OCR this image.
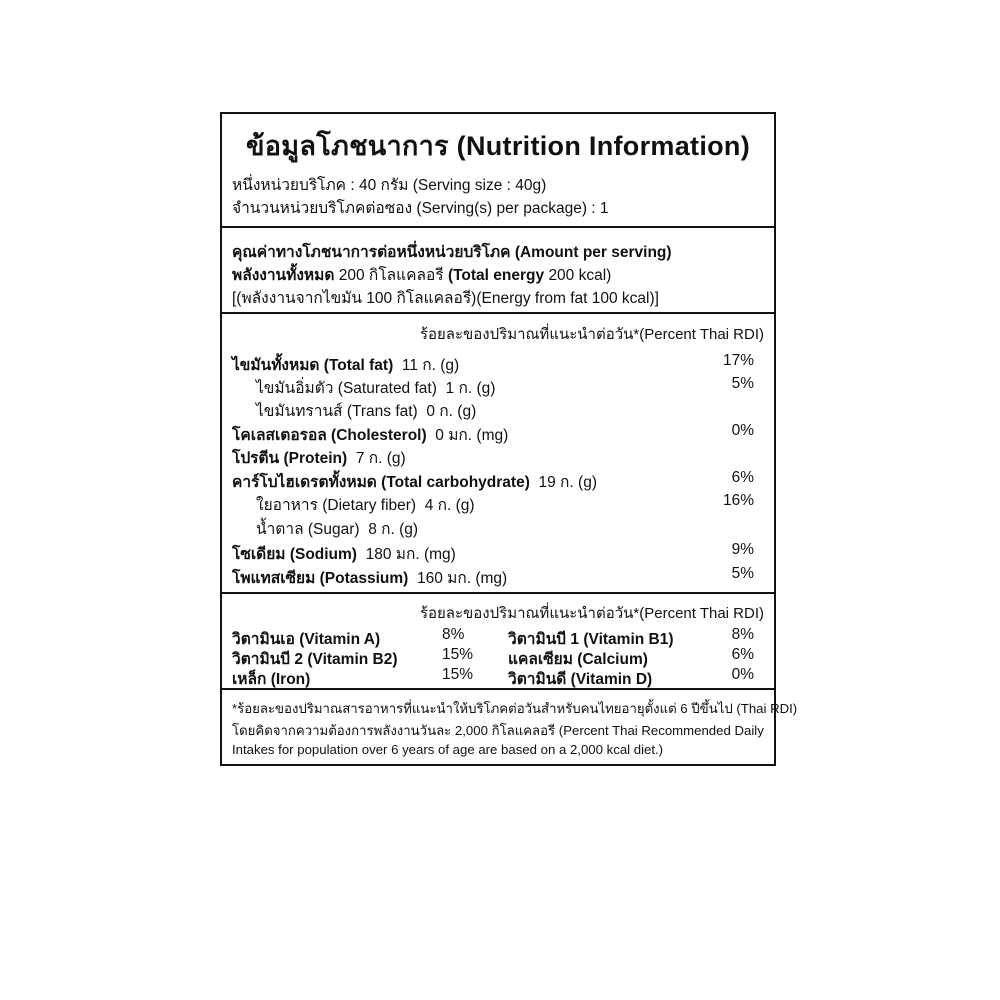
ข้อมูลโภชนาการ (Nutrition Information)
หนึ่งหน่วยบริโภค : 40 กรัม (Serving size : 40g)
จำนวนหน่วยบริโภคต่อซอง (Serving(s) per package) : 1
คุณค่าทางโภชนาการต่อหนึ่งหน่วยบริโภค (Amount per serving)
พลังงานทั้งหมด 200 กิโลแคลอรี (Total energy 200 kcal)
[(พลังงานจากไขมัน 100 กิโลแคลอรี)(Energy from fat 100 kcal)]
ร้อยละของปริมาณที่แนะนำต่อวัน*(Percent Thai RDI)
ไขมันทั้งหมด (Total fat) 11 ก. (g)	17%
ไขมันอิ่มตัว (Saturated fat) 1 ก. (g)	5%
ไขมันทรานส์ (Trans fat) 0 ก. (g)
โคเลสเตอรอล (Cholesterol) 0 มก. (mg)	0%
โปรตีน (Protein) 7 ก. (g)
คาร์โบไฮเดรตทั้งหมด (Total carbohydrate) 19 ก. (g)	6%
ใยอาหาร (Dietary fiber) 4 ก. (g)	16%
น้ำตาล (Sugar) 8 ก. (g)
โซเดียม (Sodium) 180 มก. (mg)	9%
โพแทสเซียม (Potassium) 160 มก. (mg)	5%
ร้อยละของปริมาณที่แนะนำต่อวัน*(Percent Thai RDI)
วิตามินเอ (Vitamin A)	8%	วิตามินบี 1 (Vitamin B1)	8%
วิตามินบี 2 (Vitamin B2)	15% แคลเซียม (Calcium)	6%
เหล็ก (Iron)	15% วิตามินดี (Vitamin D)	0%
*ร้อยละของปริมาณสารอาหารที่แนะนำให้บริโภคต่อวันสำหรับคนไทยอายุตั้งแต่ 6 ปีขึ้นไป (Thai RDI)
โดยคิดจากความต้องการพลังงานวันละ 2,000 กิโลแคลอรี (Percent Thai Recommended Daily
Intakes for population over 6 years of age are based on a 2,000 kcal diet.)
